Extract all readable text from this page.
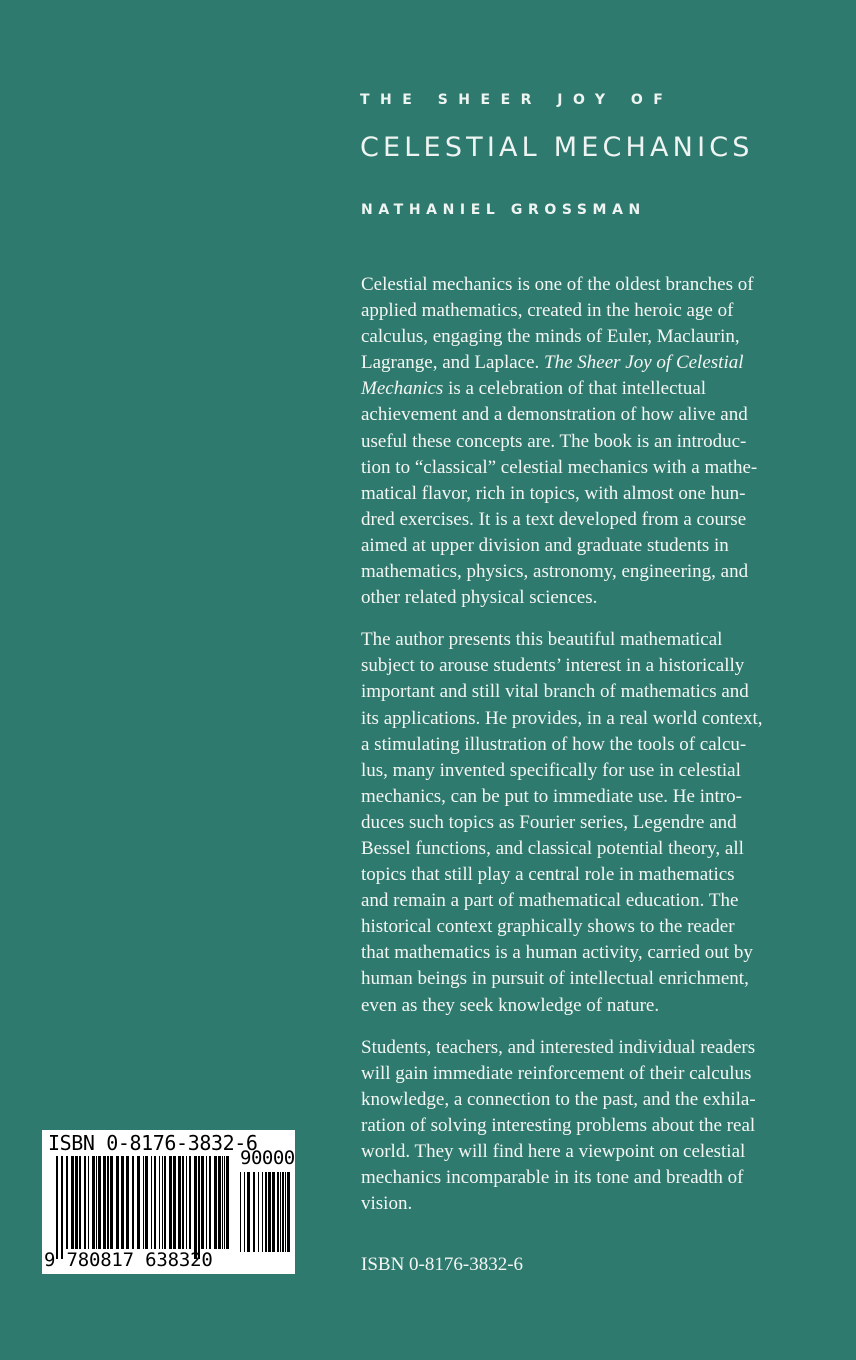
THE SHEER JOY OF
CELESTIAL MECHANICS
NATHANIEL GROSSMAN

Celestial mechanics is one of the oldest branches of
applied mathematics, created in the heroic age of
calculus, engaging the minds of Euler, Maclaurin,
Lagrange, and Laplace. The Sheer Joy of Celestial
Mechanics is a celebration of that intellectual
achievement and a demonstration of how alive and
useful these concepts are. The book is an introduc-
tion to “classical” celestial mechanics with a mathe-
matical flavor, rich in topics, with almost one hun-
dred exercises. It is a text developed from a course
aimed at upper division and graduate students in
mathematics, physics, astronomy, engineering, and
other related physical sciences.

The author presents this beautiful mathematical
subject to arouse students’ interest in a historically
important and still vital branch of mathematics and
its applications. He provides, in a real world context,
a stimulating illustration of how the tools of calcu-
lus, many invented specifically for use in celestial
mechanics, can be put to immediate use. He intro-
duces such topics as Fourier series, Legendre and
Bessel functions, and classical potential theory, all
topics that still play a central role in mathematics
and remain a part of mathematical education. The
historical context graphically shows to the reader
that mathematics is a human activity, carried out by
human beings in pursuit of intellectual enrichment,
even as they seek knowledge of nature.

Students, teachers, and interested individual readers
will gain immediate reinforcement of their calculus
knowledge, a connection to the past, and the exhila-
ration of solving interesting problems about the real
world. They will find here a viewpoint on celestial
mechanics incomparable in its tone and breadth of
vision.

ISBN 0-8176-3832-6
ISBN 0-8176-3832-6
90000
9 780817 638320
